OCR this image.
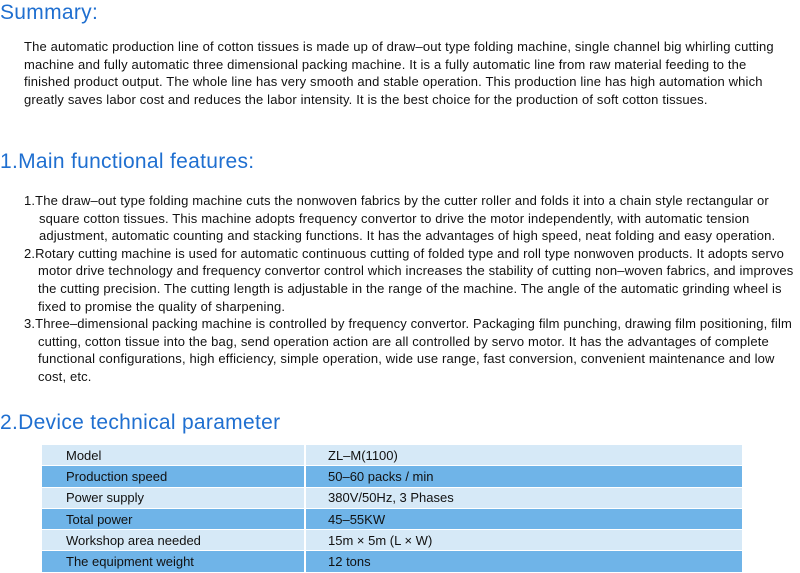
Summary:

The automatic production line of cotton tissues is made up of draw–out type folding machine, single channel big whirling cutting machine and fully automatic three dimensional packing machine. It is a fully automatic line from raw material feeding to the finished product output. The whole line has very smooth and stable operation. This production line has high automation which greatly saves labor cost and reduces the labor intensity. It is the best choice for the production of soft cotton tissues.

1.Main functional features:
1.The draw–out type folding machine cuts the nonwoven fabrics by the cutter roller and folds it into a chain style rectangular or square cotton tissues. This machine adopts frequency convertor to drive the motor independently, with automatic tension adjustment, automatic counting and stacking functions. It has the advantages of high speed, neat folding and easy operation.
2.Rotary cutting machine is used for automatic continuous cutting of folded type and roll type nonwoven products. It adopts servo motor drive technology and frequency convertor control which increases the stability of cutting non–woven fabrics, and improves the cutting precision. The cutting length is adjustable in the range of the machine. The angle of the automatic grinding wheel is fixed to promise the quality of sharpening.
3.Three–dimensional packing machine is controlled by frequency convertor. Packaging film punching, drawing film positioning, film cutting, cotton tissue into the bag, send operation action are all controlled by servo motor. It has the advantages of complete functional configurations, high efficiency, simple operation, wide use range, fast conversion, convenient maintenance and low cost, etc.
2.Device technical parameter
Model	ZL–M(1100)
Production speed	50–60 packs / min
Power supply	380V/50Hz, 3 Phases
Total power	45–55KW
Workshop area needed	15m × 5m (L × W)
The equipment weight	12 tons
